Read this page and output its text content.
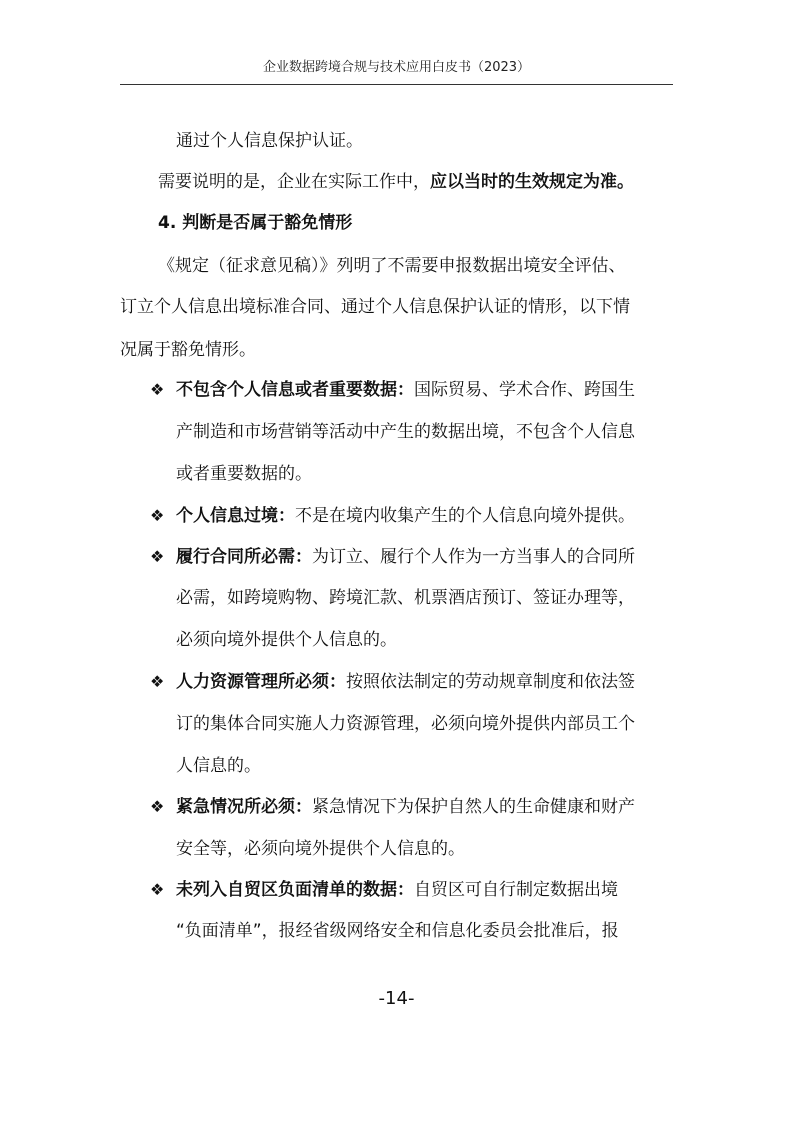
企业数据跨境合规与技术应用白皮书（2023）
通过个人信息保护认证。
需要说明的是，企业在实际工作中，应以当时的生效规定为准。
4. 判断是否属于豁免情形
《规定（征求意见稿）》列明了不需要申报数据出境安全评估、
订立个人信息出境标准合同、通过个人信息保护认证的情形，以下情
况属于豁免情形。
❖ 不包含个人信息或者重要数据：国际贸易、学术合作、跨国生
产制造和市场营销等活动中产生的数据出境，不包含个人信息
或者重要数据的。
❖ 个人信息过境：不是在境内收集产生的个人信息向境外提供。
❖ 履行合同所必需：为订立、履行个人作为一方当事人的合同所
必需，如跨境购物、跨境汇款、机票酒店预订、签证办理等，
必须向境外提供个人信息的。
❖ 人力资源管理所必须：按照依法制定的劳动规章制度和依法签
订的集体合同实施人力资源管理，必须向境外提供内部员工个
人信息的。
❖ 紧急情况所必须：紧急情况下为保护自然人的生命健康和财产
安全等，必须向境外提供个人信息的。
❖ 未列入自贸区负面清单的数据：自贸区可自行制定数据出境
“负面清单”，报经省级网络安全和信息化委员会批准后，报
-14-
